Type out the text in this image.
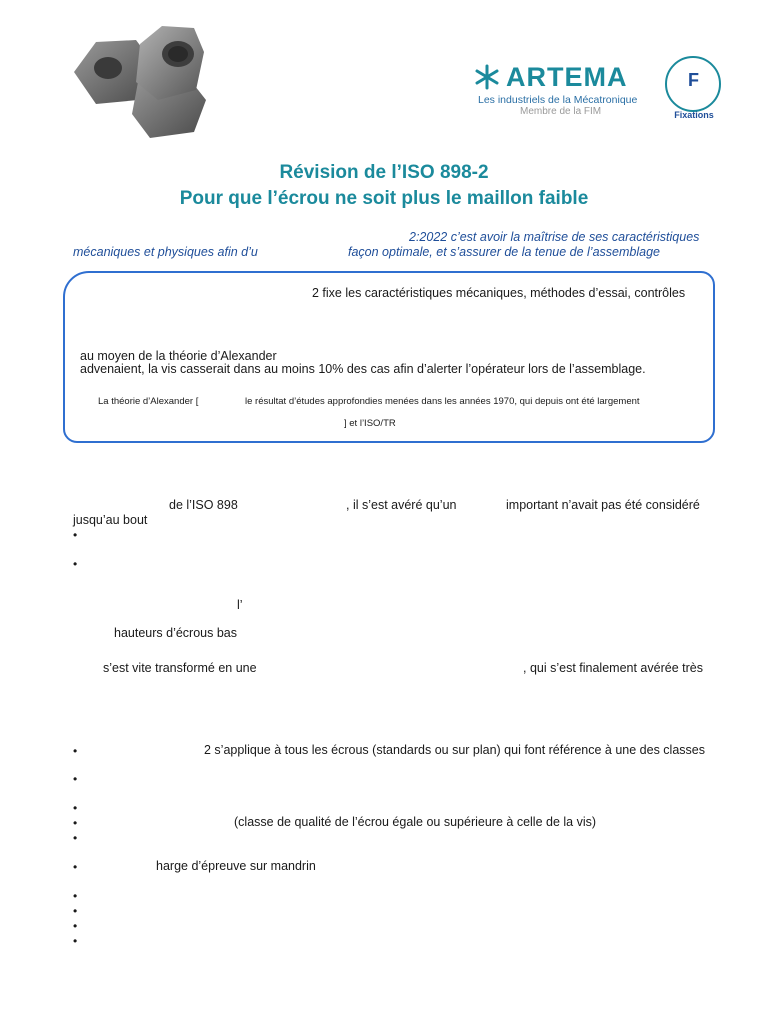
ARTEMA
Les industriels de la Mécatronique
Membre de la FIM
F
Fixations
Révision de l’ISO 898-2
Pour que l’écrou ne soit plus le maillon faible
2:2022 c’est avoir la maîtrise de ses caractéristiques
mécaniques et physiques afin d’u	façon optimale, et s’assurer de la tenue de l’assemblage
2 fixe les caractéristiques mécaniques, méthodes d’essai, contrôles
au moyen de la théorie d’Alexander
advenaient, la vis casserait dans au moins 10% des cas afin d’alerter l’opérateur lors de l’assemblage.
La théorie d’Alexander [	le résultat d’études approfondies menées dans les années 1970, qui depuis ont été largement
] et l’ISO/TR
de l’ISO 898	, il s’est avéré qu’un	important n’avait pas été considéré
jusqu’au bout
•
•
l’
hauteurs d’écrous bas
s’est vite transformé en une	, qui s’est finalement avérée très
•	2 s’applique à tous les écrous (standards ou sur plan) qui font référence à une des classes
•
•
•	(classe de qualité de l’écrou égale ou supérieure à celle de la vis)
•
•	harge d’épreuve sur mandrin
•
•
•
•
